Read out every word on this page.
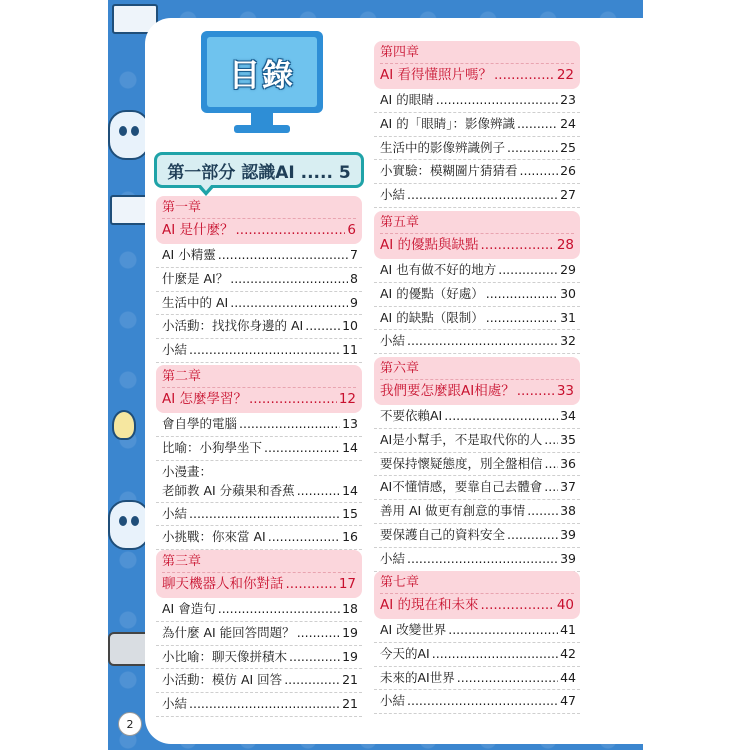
目錄
第一部分 認識AI ..... 5
第一章
AI 是什麼？ .....	6
AI 小精靈 .....	7
什麼是 AI？ .....	8
生活中的 AI .....	9
小活動：找找你身邊的 AI .....	10
小結 .....	11
第二章
AI 怎麼學習？ .....	12
會自學的電腦 .....	13
比喻：小狗學坐下 .....	14
小漫畫：
老師教 AI 分蘋果和香蕉 .....	14
小結 .....	15
小挑戰：你來當 AI .....	16
第三章
聊天機器人和你對話 .....	17
AI 會造句 .....	18
為什麼 AI 能回答問題？ .....	19
小比喻：聊天像拼積木 .....	19
小活動：模仿 AI 回答 .....	21
小結 .....	21
第四章
AI 看得懂照片嗎？ .....	22
AI 的眼睛 .....	23
AI 的「眼睛」：影像辨識 .....	24
生活中的影像辨識例子 .....	25
小實驗：模糊圖片猜猜看 .....	26
小結 .....	27
第五章
AI 的優點與缺點 .....	28
AI 也有做不好的地方 .....	29
AI 的優點（好處） .....	30
AI 的缺點（限制） .....	31
小結 .....	32
第六章
我們要怎麼跟AI相處？ .....	33
不要依賴AI .....	34
AI是小幫手，不是取代你的人 ..... 35
要保持懷疑態度，別全盤相信 ..... 36
AI不懂情感，要靠自己去體會 ..... 37
善用 AI 做更有創意的事情 .....	38
要保護自己的資料安全 .....	39
小結 .....	39
第七章
AI 的現在和未來 .....	40
AI 改變世界 .....	41
今天的AI .....	42
未來的AI世界 .....	44
小結 .....	47
2
